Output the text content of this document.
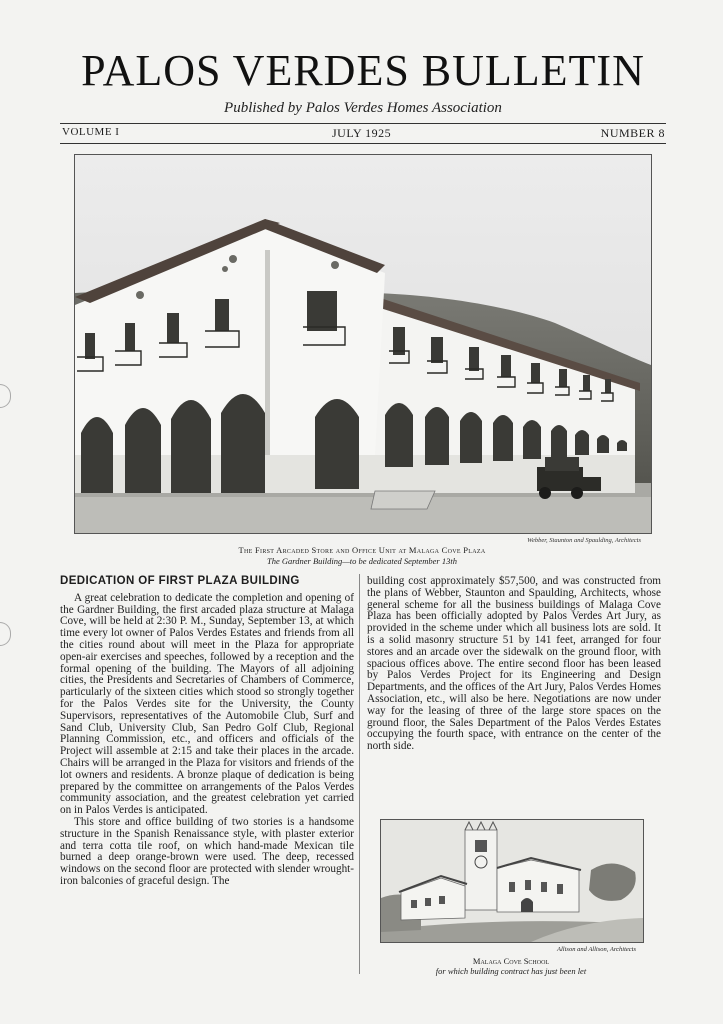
PALOS VERDES BULLETIN
Published by Palos Verdes Homes Association
VOLUME I	JULY 1925	NUMBER 8
Webber, Staunton and Spaulding, Architects
The First Arcaded Store and Office Unit at Malaga Cove Plaza
The Gardner Building—to be dedicated September 13th
DEDICATION OF FIRST PLAZA BUILDING

A great celebration to dedicate the completion and opening of the Gardner Building, the first arcaded plaza structure at Malaga Cove, will be held at 2:30 P. M., Sunday, September 13, at which time every lot owner of Palos Verdes Estates and friends from all the cities round about will meet in the Plaza for appropriate open-air exercises and speeches, followed by a reception and the formal opening of the building. The Mayors of all adjoining cities, the Presidents and Secretaries of Chambers of Commerce, particularly of the sixteen cities which stood so strongly together for the Palos Verdes site for the University, the County Supervisors, representatives of the Automobile Club, Surf and Sand Club, University Club, San Pedro Golf Club, Regional Planning Commission, etc., and officers and officials of the Project will assemble at 2:15 and take their places in the arcade. Chairs will be arranged in the Plaza for visitors and friends of the lot owners and residents. A bronze plaque of dedication is being prepared by the committee on arrangements of the Palos Verdes community association, and the greatest celebration yet carried on in Palos Verdes is anticipated.

This store and office building of two stories is a handsome structure in the Spanish Renaissance style, with plaster exterior and terra cotta tile roof, on which hand-made Mexican tile burned a deep orange-brown were used. The deep, recessed windows on the second floor are protected with slender wrought-iron balconies of graceful design. The

building cost approximately $57,500, and was constructed from the plans of Webber, Staunton and Spaulding, Architects, whose general scheme for all the business buildings of Malaga Cove Plaza has been officially adopted by Palos Verdes Art Jury, as provided in the scheme under which all business lots are sold. It is a solid masonry structure 51 by 141 feet, arranged for four stores and an arcade over the sidewalk on the ground floor, with spacious offices above. The entire second floor has been leased by Palos Verdes Project for its Engineering and Design Departments, and the offices of the Art Jury, Palos Verdes Homes Association, etc., will also be here. Negotiations are now under way for the leasing of three of the large store spaces on the ground floor, the Sales Department of the Palos Verdes Estates occupying the fourth space, with entrance on the center of the north side.

Allison and Allison, Architects
Malaga Cove School
for which building contract has just been let
